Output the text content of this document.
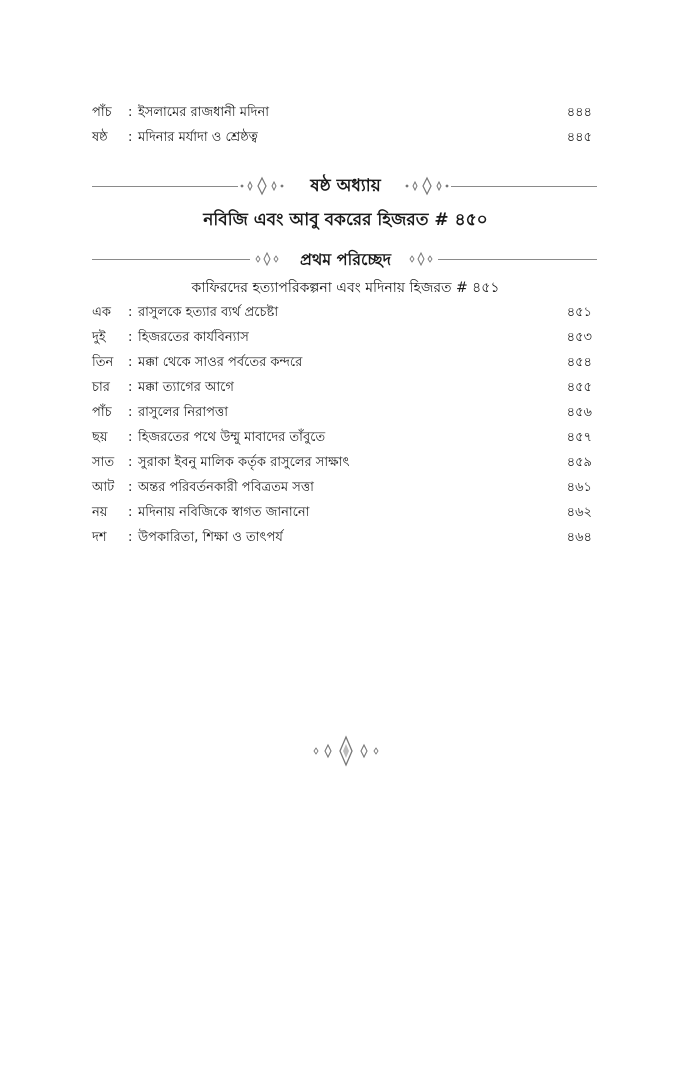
পাঁচ : ইসলামের রাজধানী মদিনা	৪৪৪
ষষ্ঠ : মদিনার মর্যাদা ও শ্রেষ্ঠত্ব	৪৪৫
ষষ্ঠ অধ্যায়
নবিজি এবং আবু বকরের হিজরত # ৪৫০
প্রথম পরিচ্ছেদ
কাফিরদের হত্যাপরিকল্পনা এবং মদিনায় হিজরত # ৪৫১
এক : রাসুলকে হত্যার ব্যর্থ প্রচেষ্টা	৪৫১
দুই : হিজরতের কার্যবিন্যাস	৪৫৩
তিন : মক্কা থেকে সাওর পর্বতের কন্দরে	৪৫৪
চার : মক্কা ত্যাগের আগে	৪৫৫
পাঁচ : রাসুলের নিরাপত্তা	৪৫৬
ছয় : হিজরতের পথে উম্মু মাবাদের তাঁবুতে	৪৫৭
সাত : সুরাকা ইবনু মালিক কর্তৃক রাসুলের সাক্ষাৎ	৪৫৯
আট : অন্তর পরিবর্তনকারী পবিত্রতম সত্তা	৪৬১
নয় : মদিনায় নবিজিকে স্বাগত জানানো	৪৬২
দশ : উপকারিতা, শিক্ষা ও তাৎপর্য	৪৬৪
